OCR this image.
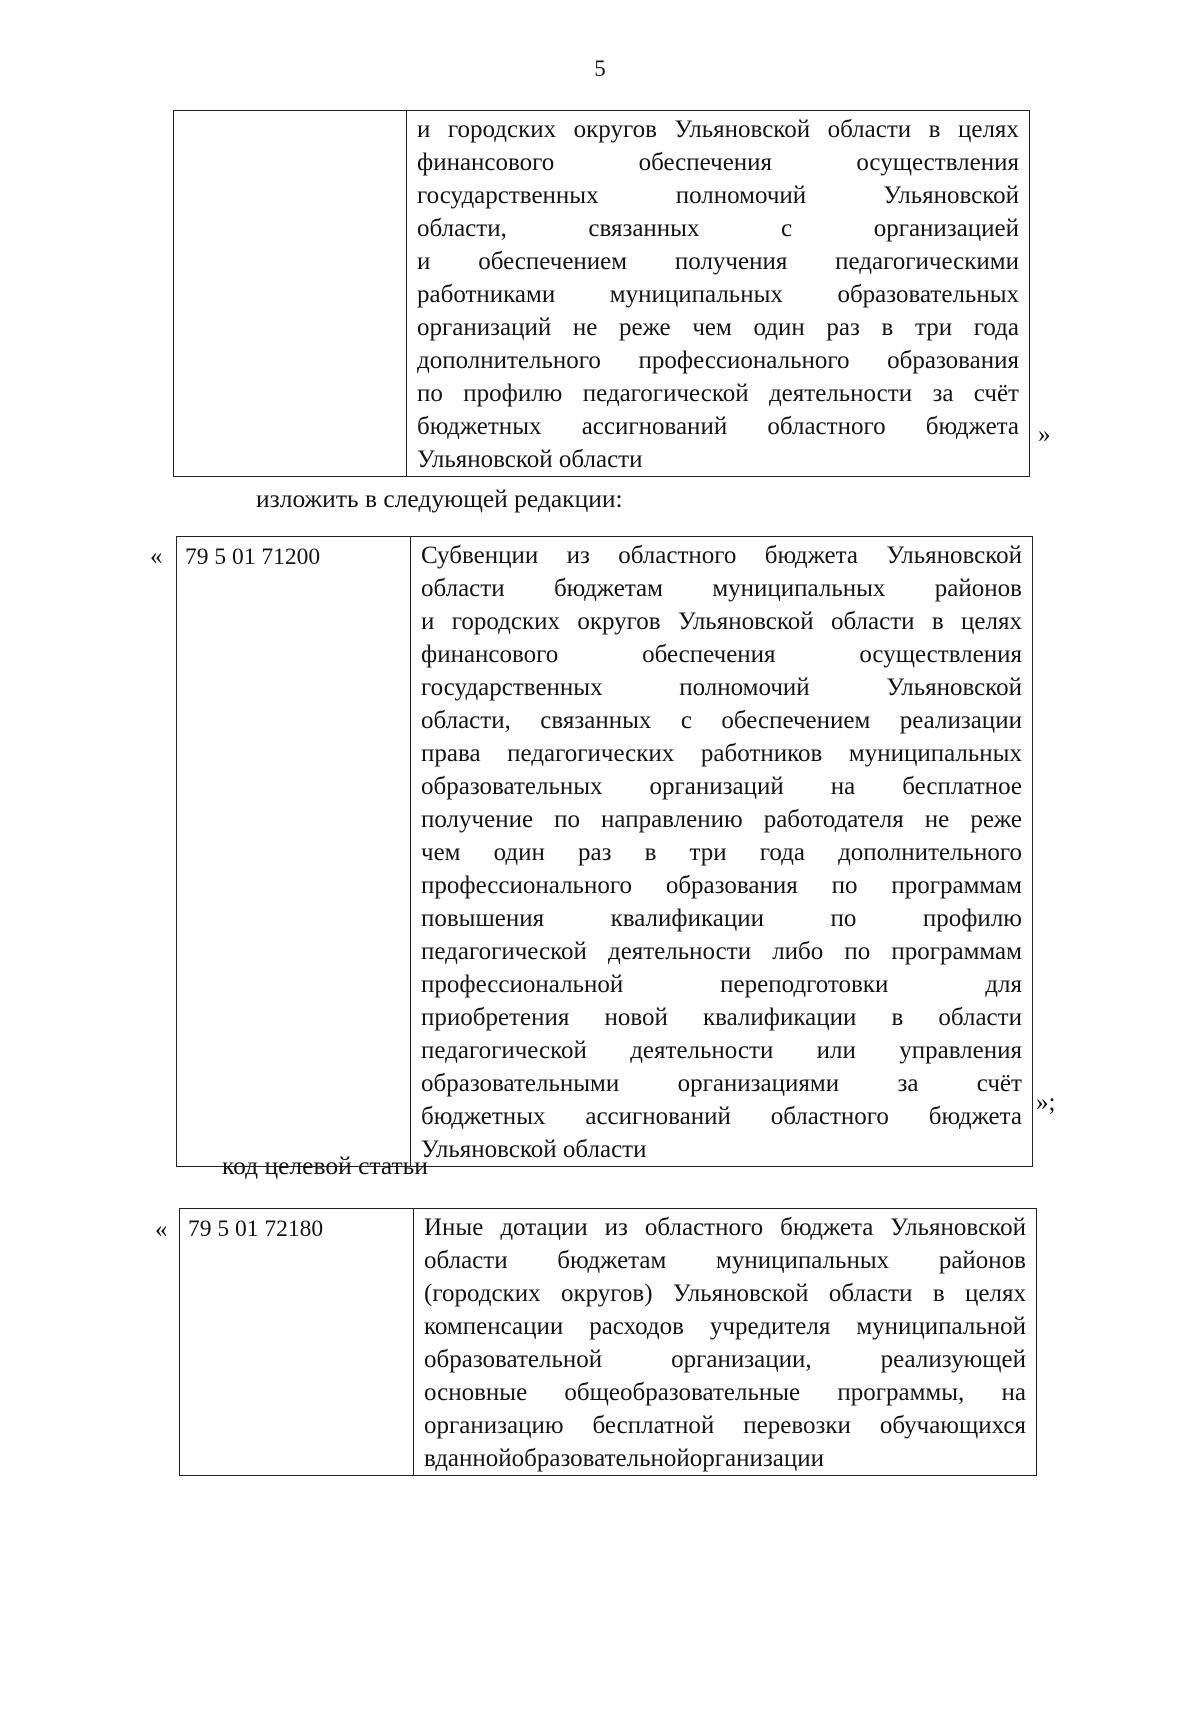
5

и городских округов Ульяновской области в целях
финансового	обеспечения	осуществления
государственных	полномочий	Ульяновской
области,	связанных	с	организацией
и обеспечением получения педагогическими
работниками муниципальных образовательных
организаций не реже чем один раз в три года
дополнительного профессионального образования
по профилю педагогической деятельности за счёт
бюджетных ассигнований областного бюджета
Ульяновской области
»
изложить в следующей редакции:
« 79 5 01 71200	Субвенции из областного бюджета Ульяновской
области бюджетам муниципальных районов
и городских округов Ульяновской области в целях
финансового	обеспечения	осуществления
государственных	полномочий	Ульяновской
области, связанных с обеспечением реализации
права педагогических работников муниципальных
образовательных организаций на бесплатное
получение по направлению работодателя не реже
чем один раз в три года дополнительного
профессионального образования по программам
повышения	квалификации	по	профилю
педагогической деятельности либо по программам
профессиональной	переподготовки	для
приобретения новой квалификации в области
педагогической деятельности или управления
образовательными организациями за счёт
бюджетных ассигнований областного бюджета
Ульяновской области
»;
код целевой статьи
« 79 5 01 72180	Иные дотации из областного бюджета Ульяновской
области бюджетам муниципальных районов
(городских округов) Ульяновской области в целях
компенсации расходов учредителя муниципальной
образовательной	организации,	реализующей
основные общеобразовательные программы, на
организацию бесплатной перевозки обучающихся
вданнойобразовательнойорганизации
